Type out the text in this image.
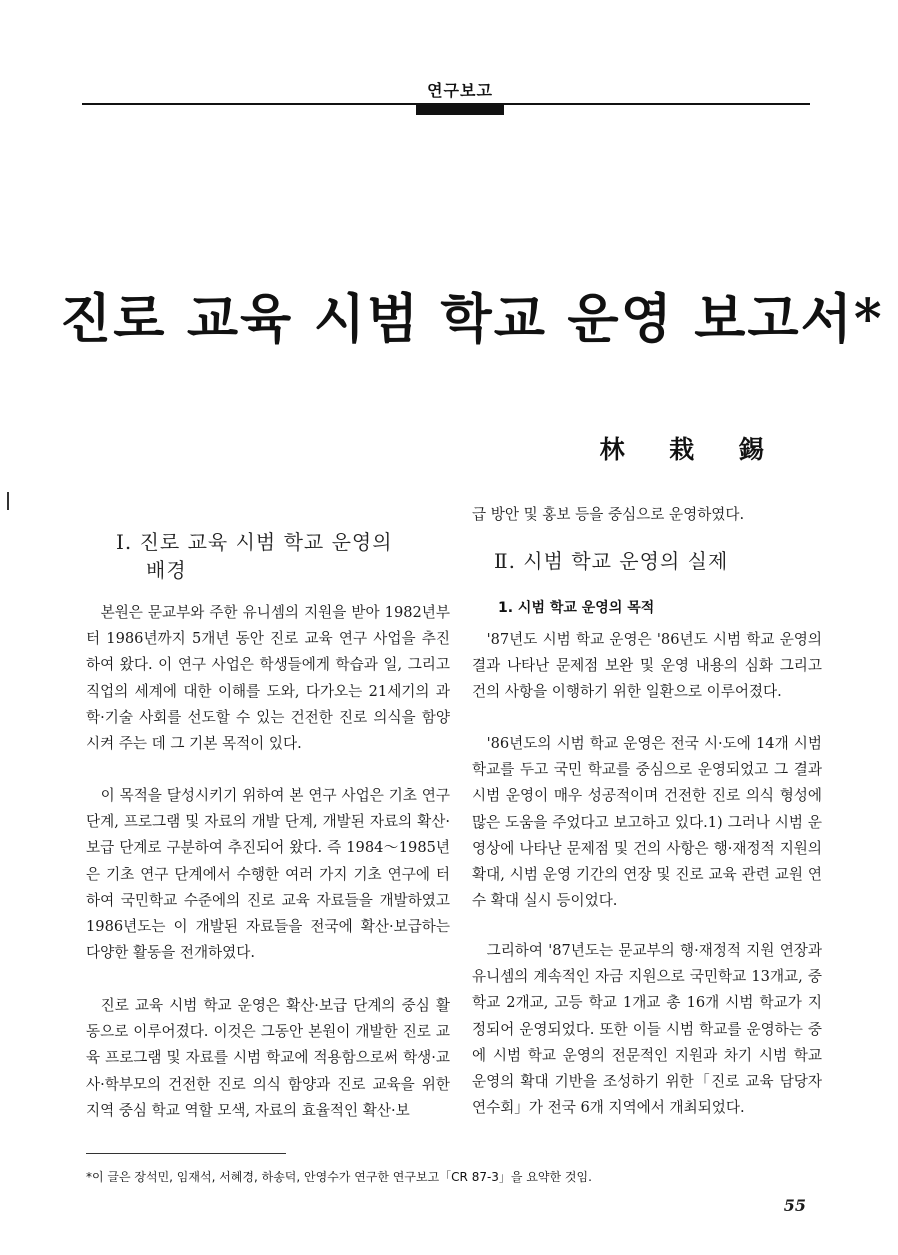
연구보고
진로 교육 시범 학교 운영 보고서*
林 栽 錫

Ⅰ. 진로 교육 시범 학교 운영의
배경

본원은 문교부와 주한 유니셈의 지원을 받아 1982년부터 1986년까지 5개년 동안 진로 교육 연구 사업을 추진하여 왔다. 이 연구 사업은 학생들에게 학습과 일, 그리고 직업의 세계에 대한 이해를 도와, 다가오는 21세기의 과학·기술 사회를 선도할 수 있는 건전한 진로 의식을 함양시켜 주는 데 그 기본 목적이 있다.

이 목적을 달성시키기 위하여 본 연구 사업은 기초 연구 단계, 프로그램 및 자료의 개발 단계, 개발된 자료의 확산·보급 단계로 구분하여 추진되어 왔다. 즉 1984～1985년은 기초 연구 단계에서 수행한 여러 가지 기초 연구에 터하여 국민학교 수준에의 진로 교육 자료들을 개발하였고 1986년도는 이 개발된 자료들을 전국에 확산·보급하는 다양한 활동을 전개하였다.

진로 교육 시범 학교 운영은 확산·보급 단계의 중심 활동으로 이루어졌다. 이것은 그동안 본원이 개발한 진로 교육 프로그램 및 자료를 시범 학교에 적용함으로써 학생·교사·학부모의 건전한 진로 의식 함양과 진로 교육을 위한 지역 중심 학교 역할 모색, 자료의 효율적인 확산·보

급 방안 및 홍보 등을 중심으로 운영하였다.

Ⅱ. 시범 학교 운영의 실제

1. 시범 학교 운영의 목적

'87년도 시범 학교 운영은 '86년도 시범 학교 운영의 결과 나타난 문제점 보완 및 운영 내용의 심화 그리고 건의 사항을 이행하기 위한 일환으로 이루어졌다.

'86년도의 시범 학교 운영은 전국 시·도에 14개 시범 학교를 두고 국민 학교를 중심으로 운영되었고 그 결과 시범 운영이 매우 성공적이며 건전한 진로 의식 형성에 많은 도움을 주었다고 보고하고 있다.1) 그러나 시범 운영상에 나타난 문제점 및 건의 사항은 행·재정적 지원의 확대, 시범 운영 기간의 연장 및 진로 교육 관련 교원 연수 확대 실시 등이었다.

그리하여 '87년도는 문교부의 행·재정적 지원 연장과 유니셈의 계속적인 자금 지원으로 국민학교 13개교, 중학교 2개교, 고등 학교 1개교 총 16개 시범 학교가 지정되어 운영되었다. 또한 이들 시범 학교를 운영하는 중에 시범 학교 운영의 전문적인 지원과 차기 시범 학교 운영의 확대 기반을 조성하기 위한「진로 교육 담당자 연수회」가 전국 6개 지역에서 개최되었다.

*이 글은 장석민, 임재석, 서혜경, 하송덕, 안영수가 연구한 연구보고「CR 87-3」을 요약한 것임.
55
